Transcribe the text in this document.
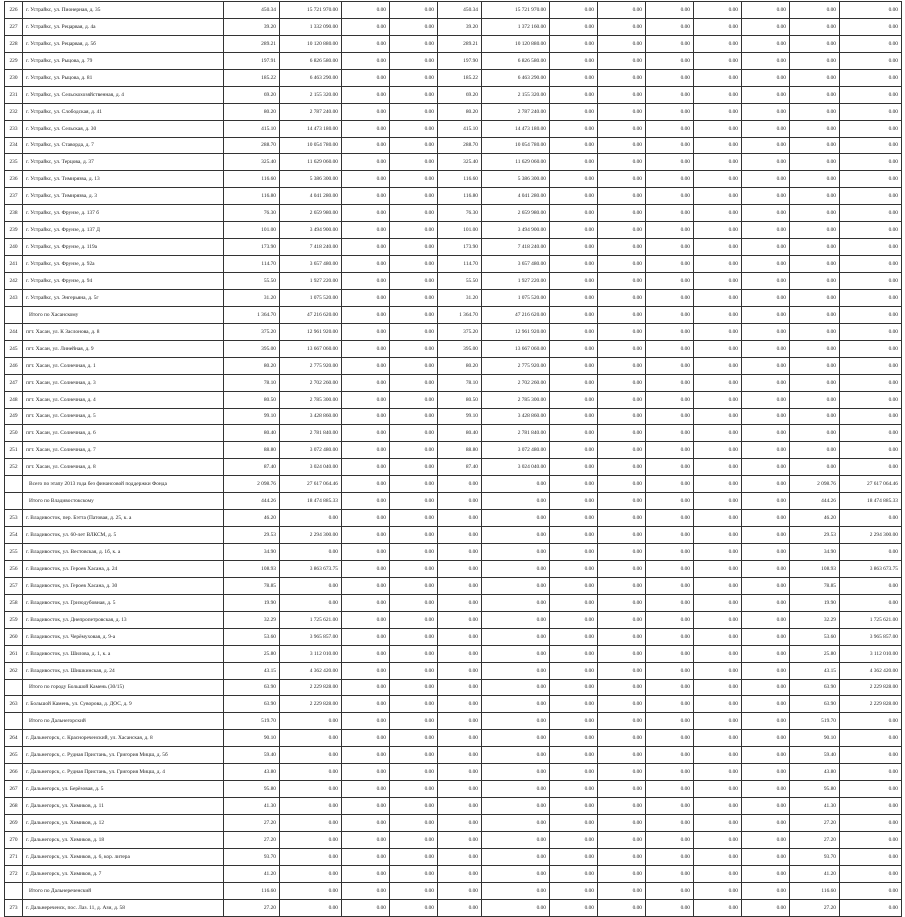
226	г. Устрайкс, ул. Пионерная, д. 35	450.34	15 721 970.00	0.00	0.00	450.34	15 721 970.00	0.00	0.00	0.00	0.00	0.00	0.00	0.00
227	г. Устрайкс, ул. Рецарвая, д. 4а	39.20	1 332 090.00	0.00	0.00	39.20	1 372 160.00	0.00	0.00	0.00	0.00	0.00	0.00	0.00
228	г. Устрайкс, ул. Рецарвая, д. 5б	289.21	10 120 880.00	0.00	0.00	289.21	10 120 880.00	0.00	0.00	0.00	0.00	0.00	0.00	0.00
229	г. Устрайкс, ул. Рыцова, д. 79	197.91	6 826 580.00	0.00	0.00	197.90	6 826 580.00	0.00	0.00	0.00	0.00	0.00	0.00	0.00
230	г. Устрайкс, ул. Рыцова, д. 81	185.22	6 463 290.00	0.00	0.00	185.22	6 463 290.00	0.00	0.00	0.00	0.00	0.00	0.00	0.00
231	г. Устрайкс, ул. Сельскохозяйственная, д. 4	69.20	2 155 320.00	0.00	0.00	69.20	2 155 320.00	0.00	0.00	0.00	0.00	0.00	0.00	0.00
232	г. Устрайкс, ул. Слободская, д. 41	80.20	2 787 240.00	0.00	0.00	80.20	2 787 240.00	0.00	0.00	0.00	0.00	0.00	0.00	0.00
233	г. Устрайкс, ул. Сельская, д. 30	415.10	14 473 180.00	0.00	0.00	415.10	14 473 180.00	0.00	0.00	0.00	0.00	0.00	0.00	0.00
234	г. Устрайкс, ул. Ставорда, д. 7	288.70	10 054 780.00	0.00	0.00	288.70	10 054 780.00	0.00	0.00	0.00	0.00	0.00	0.00	0.00
235	г. Устрайкс, ул. Терцова, д. 37	325.40	11 629 060.00	0.00	0.00	325.40	11 629 060.00	0.00	0.00	0.00	0.00	0.00	0.00	0.00
236	г. Устрайкс, ул. Тимирязва, д. 13	116.60	5 386 300.00	0.00	0.00	116.60	5 386 300.00	0.00	0.00	0.00	0.00	0.00	0.00	0.00
237	г. Устрайкс, ул. Тимирязва, д. 3	116.80	4 041 280.00	0.00	0.00	116.80	4 041 280.00	0.00	0.00	0.00	0.00	0.00	0.00	0.00
238	г. Устрайкс, ул. Фрунзе, д. 137 б	76.30	2 659 980.00	0.00	0.00	76.30	2 659 980.00	0.00	0.00	0.00	0.00	0.00	0.00	0.00
239	г. Устрайкс, ул. Фрунзе, д. 137 Д	101.00	3 494 900.00	0.00	0.00	101.00	3 494 900.00	0.00	0.00	0.00	0.00	0.00	0.00	0.00
240	г. Устрайкс, ул. Фрунзе, д. 119а	173.90	7 418 240.00	0.00	0.00	173.90	7 418 240.00	0.00	0.00	0.00	0.00	0.00	0.00	0.00
241	г. Устрайкс, ул. Фрунзе, д. 92а	114.70	3 657 480.00	0.00	0.00	114.70	3 657 480.00	0.00	0.00	0.00	0.00	0.00	0.00	0.00
242	г. Устрайкс, ул. Фрунзе, д. 94	55.50	1 927 220.00	0.00	0.00	55.50	1 927 220.00	0.00	0.00	0.00	0.00	0.00	0.00	0.00
243	г. Устрайкс, ул. Энгерьяна, д. 5г	31.20	1 075 520.00	0.00	0.00	31.20	1 075 520.00	0.00	0.00	0.00	0.00	0.00	0.00	0.00
	Итого по Хасанскому	1 364.70	47 216 620.00	0.00	0.00	1 364.70	47 216 620.00	0.00	0.00	0.00	0.00	0.00	0.00	0.00
244	пгт. Хасан, ул. К Заслонова, д. 8	375.20	12 961 920.00	0.00	0.00	375.20	12 961 920.00	0.00	0.00	0.00	0.00	0.00	0.00	0.00
245	пгт. Хасан, ул. Линейная, д. 9	395.00	13 667 060.00	0.00	0.00	395.00	13 667 060.00	0.00	0.00	0.00	0.00	0.00	0.00	0.00
246	пгт. Хасан, ул. Солнечная, д. 1	80.20	2 775 920.00	0.00	0.00	80.20	2 775 920.00	0.00	0.00	0.00	0.00	0.00	0.00	0.00
247	пгт. Хасан, ул. Солнечная, д. 3	78.10	2 702 260.00	0.00	0.00	78.10	2 702 260.00	0.00	0.00	0.00	0.00	0.00	0.00	0.00
248	пгт. Хасан, ул. Солнечная, д. 4	80.50	2 785 300.00	0.00	0.00	80.50	2 785 300.00	0.00	0.00	0.00	0.00	0.00	0.00	0.00
249	пгт. Хасан, ул. Солнечная, д. 5	99.10	3 428 860.00	0.00	0.00	99.10	3 428 860.00	0.00	0.00	0.00	0.00	0.00	0.00	0.00
250	пгт. Хасан, ул. Солнечная, д. 6	80.40	2 781 840.00	0.00	0.00	80.40	2 781 840.00	0.00	0.00	0.00	0.00	0.00	0.00	0.00
251	пгт. Хасан, ул. Солнечная, д. 7	88.80	3 072 480.00	0.00	0.00	88.80	3 072 480.00	0.00	0.00	0.00	0.00	0.00	0.00	0.00
252	пгт. Хасан, ул. Солнечная, д. 8	87.40	3 024 040.00	0.00	0.00	87.40	3 024 040.00	0.00	0.00	0.00	0.00	0.00	0.00	0.00
	Всего по этапу 2013 года без финансовой поддержки Фонда	2 098.76	27 617 064.46	0.00	0.00	0.00	0.00	0.00	0.00	0.00	0.00	0.00	2 098.76	27 617 064.46
	Итого по Владивостокскому	444.26	18 474 885.33	0.00	0.00	0.00	0.00	0.00	0.00	0.00	0.00	0.00	444.26	18 474 885.33
253	г. Владивосток, пер. Бэтта (Патовая, д. 25, к. а	46.20	0.00	0.00	0.00	0.00	0.00	0.00	0.00	0.00	0.00	0.00	46.20	0.00
254	г. Владивосток, ул. 60-лет ВЛКСМ, д. 5	29.53	2 294 300.00	0.00	0.00	0.00	0.00	0.00	0.00	0.00	0.00	0.00	29.53	2 294 300.00
255	г. Владивосток, ул. Вестовская, д. 1б, к. а	34.90	0.00	0.00	0.00	0.00	0.00	0.00	0.00	0.00	0.00	0.00	34.90	0.00
256	г. Владивосток, ул. Героев Хасана, д. 24	108.93	3 863 673.75	0.00	0.00	0.00	0.00	0.00	0.00	0.00	0.00	0.00	108.93	3 863 673.75
257	г. Владивосток, ул. Героев Хасана, д. 30	78.85	0.00	0.00	0.00	0.00	0.00	0.00	0.00	0.00	0.00	0.00	78.85	0.00
258	г. Владивосток, ул. Гризодубовная, д. 5	19.90	0.00	0.00	0.00	0.00	0.00	0.00	0.00	0.00	0.00	0.00	19.90	0.00
259	г. Владивосток, ул. Днепропетровская, д. 13	32.29	1 725 621.00	0.00	0.00	0.00	0.00	0.00	0.00	0.00	0.00	0.00	32.29	1 725 621.00
260	г. Владивосток, ул. Черёмуховая, д. 9-а	53.60	3 965 857.00	0.00	0.00	0.00	0.00	0.00	0.00	0.00	0.00	0.00	53.60	3 965 857.00
261	г. Владивосток, ул. Шилова, д. 1, к. а	25.80	3 112 010.00	0.00	0.00	0.00	0.00	0.00	0.00	0.00	0.00	0.00	25.80	3 112 010.00
262	г. Владивосток, ул. Шишкинская, д. 24	43.15	4 362 420.00	0.00	0.00	0.00	0.00	0.00	0.00	0.00	0.00	0.00	43.15	4 362 420.00
	Итого по городу Большой Камень (30/15)	63.90	2 229 828.00	0.00	0.00	0.00	0.00	0.00	0.00	0.00	0.00	0.00	63.90	2 229 828.00
263	г. Большой Камень, ул. Суворова, д. ДОС, д. 9	63.90	2 229 828.00	0.00	0.00	0.00	0.00	0.00	0.00	0.00	0.00	0.00	63.90	2 229 828.00
	Итого по Дальнегорский	519.70	0.00	0.00	0.00	0.00	0.00	0.00	0.00	0.00	0.00	0.00	519.70	0.00
264	г. Дальнегорск, с. Краснореченский, ул. Хасанская, д. 8	90.10	0.00	0.00	0.00	0.00	0.00	0.00	0.00	0.00	0.00	0.00	90.10	0.00
265	г. Дальнегорск, с. Рудная Пристань, ул. Григория Мицш, д. 5б	59.40	0.00	0.00	0.00	0.00	0.00	0.00	0.00	0.00	0.00	0.00	59.40	0.00
266	г. Дальнегорск, с. Рудная Пристань, ул. Григория Мицш, д. 4	43.80	0.00	0.00	0.00	0.00	0.00	0.00	0.00	0.00	0.00	0.00	43.80	0.00
267	г. Дальнегорск, ул. Берёзовая, д. 5	95.80	0.00	0.00	0.00	0.00	0.00	0.00	0.00	0.00	0.00	0.00	95.80	0.00
268	г. Дальнегорск, ул. Химиков, д. 11	41.30	0.00	0.00	0.00	0.00	0.00	0.00	0.00	0.00	0.00	0.00	41.30	0.00
269	г. Дальнегорск, ул. Химиков, д. 12	27.20	0.00	0.00	0.00	0.00	0.00	0.00	0.00	0.00	0.00	0.00	27.20	0.00
270	г. Дальнегорск, ул. Химиков, д. 18	27.20	0.00	0.00	0.00	0.00	0.00	0.00	0.00	0.00	0.00	0.00	27.20	0.00
271	г. Дальнегорск, ул. Химиков, д. 6, кор. литера	93.70	0.00	0.00	0.00	0.00	0.00	0.00	0.00	0.00	0.00	0.00	93.70	0.00
272	г. Дальнегорск, ул. Химиков, д. 7	41.20	0.00	0.00	0.00	0.00	0.00	0.00	0.00	0.00	0.00	0.00	41.20	0.00
	Итого по Дальнереченский	116.60	0.00	0.00	0.00	0.00	0.00	0.00	0.00	0.00	0.00	0.00	116.60	0.00
273	г. Дальнереченск, пос. Лаз. 11, д. Ази, д. 58	27.20	0.00	0.00	0.00	0.00	0.00	0.00	0.00	0.00	0.00	0.00	27.20	0.00
